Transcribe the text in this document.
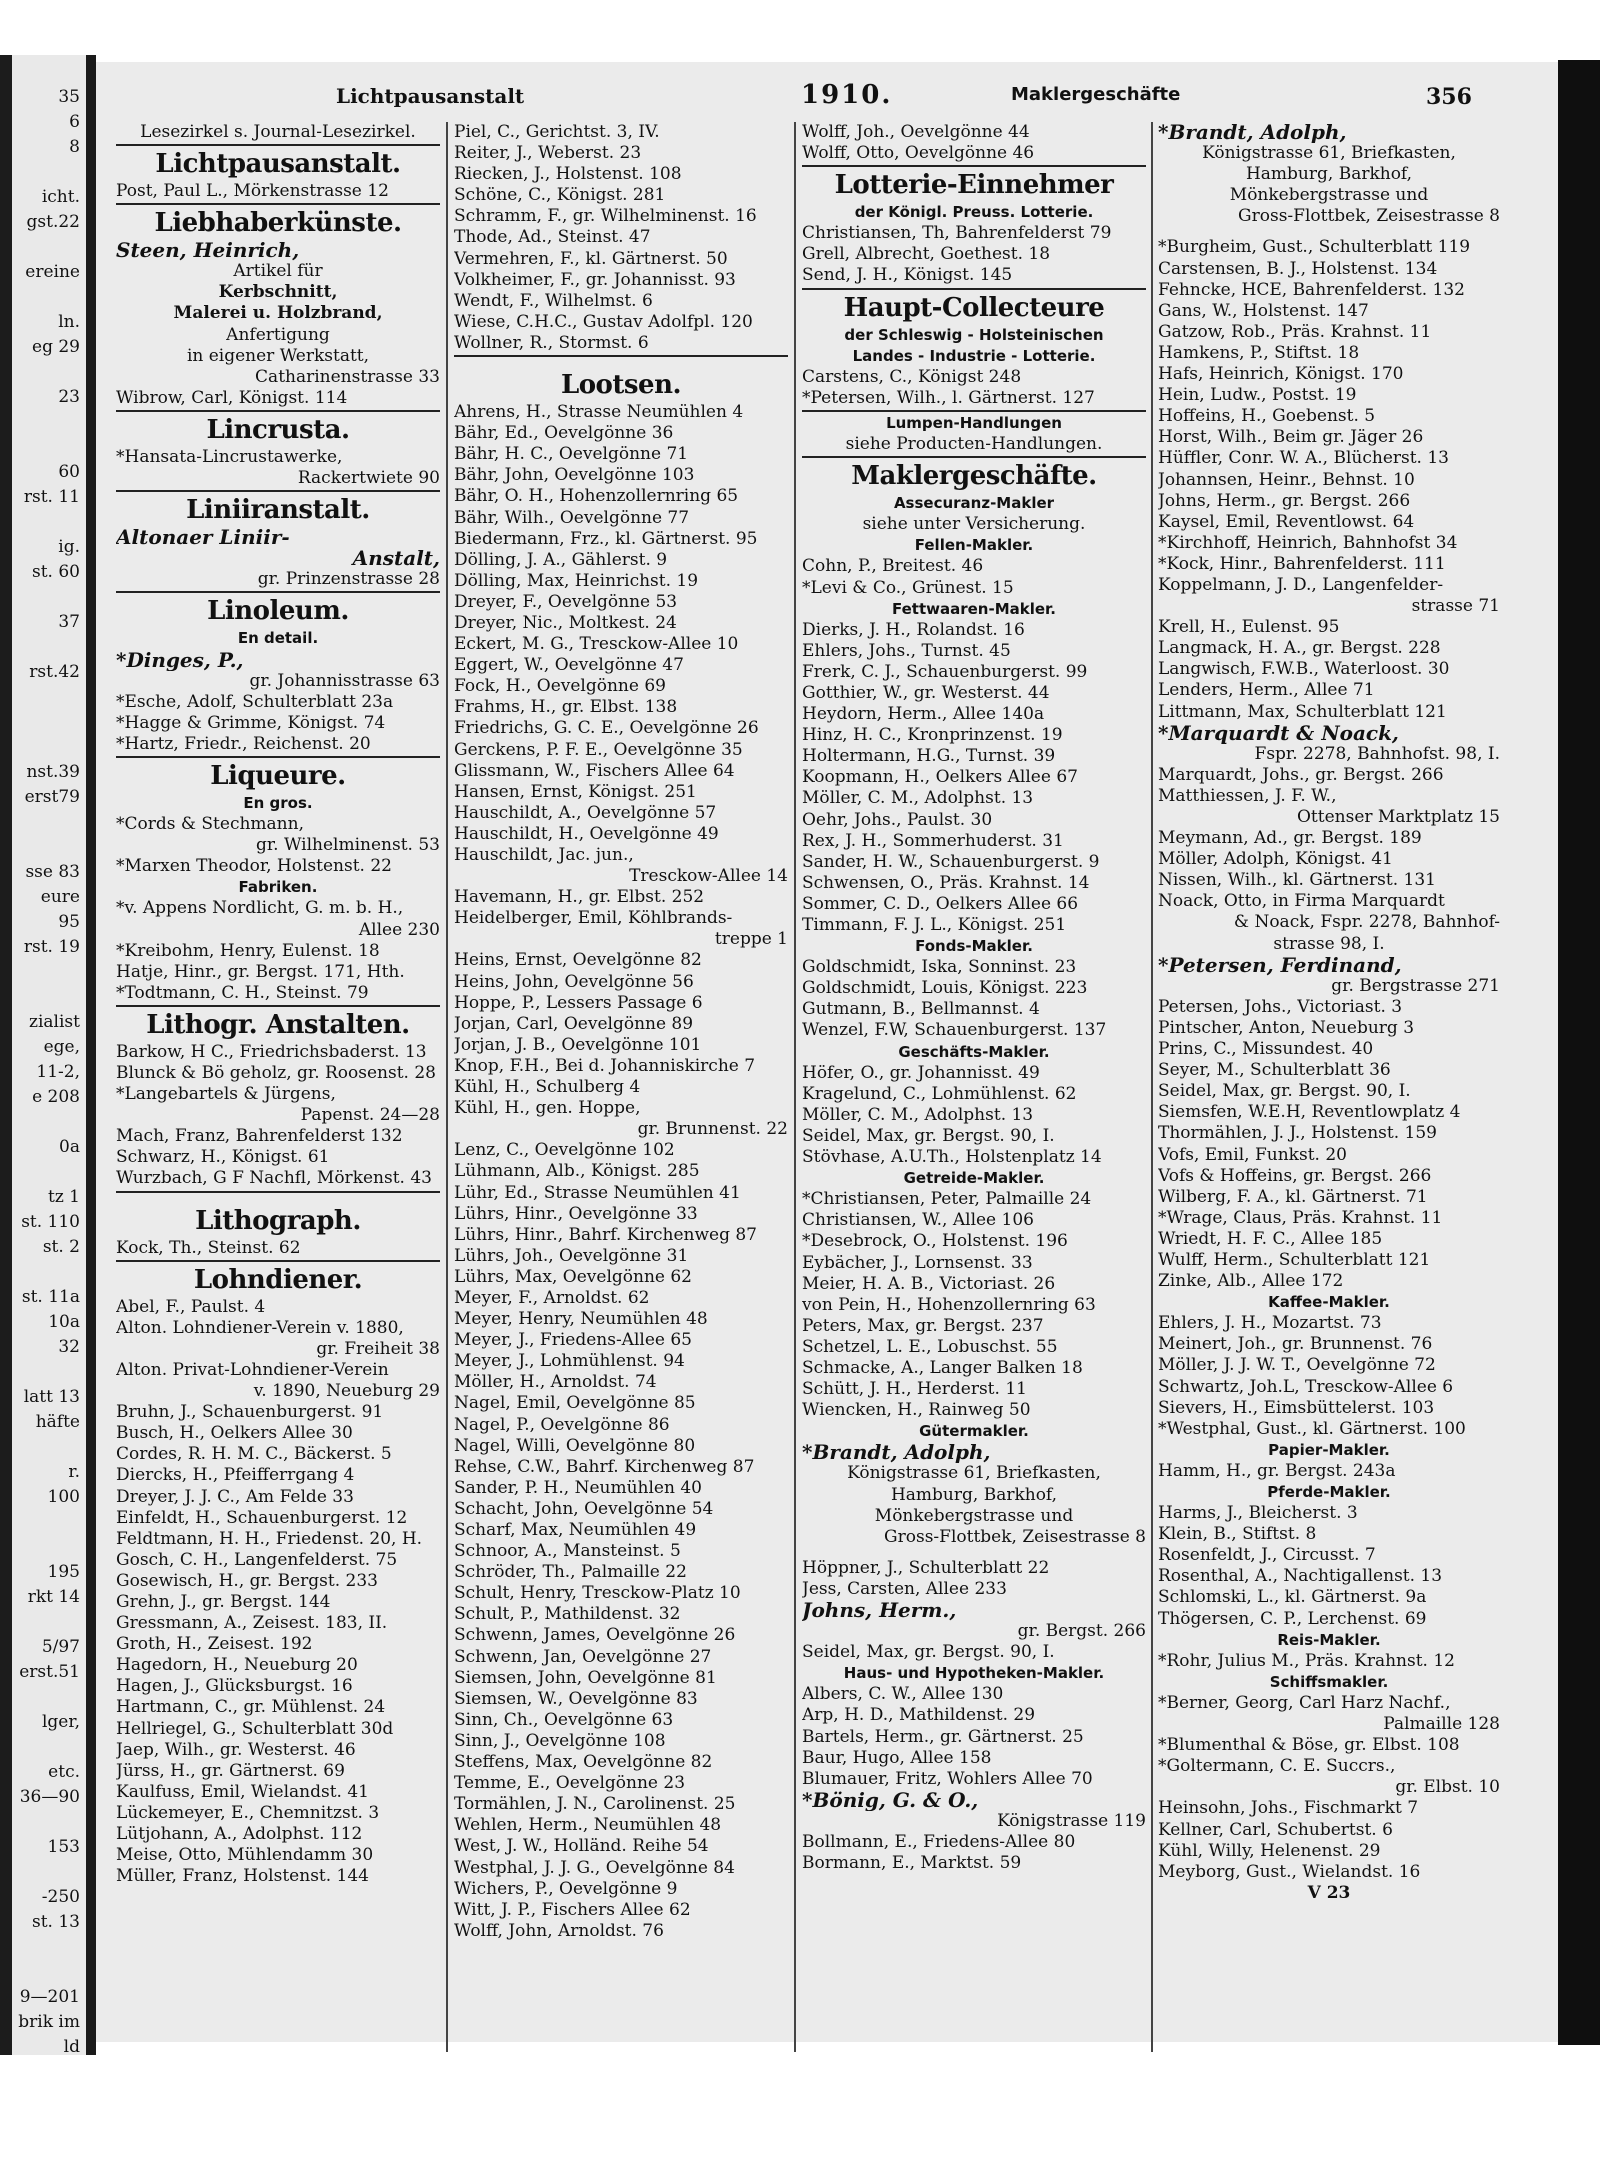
35
6
8
icht.
gst.22
ereine
ln.
eg 29
23
60
rst. 11
ig.
st. 60
37
rst.42
nst.39
erst79
sse 83
eure
95
rst. 19
zialist
ege,
11-2,
e 208
0a
tz 1
st. 110
st. 2
st. 11a
10a
32
latt 13
häfte
r.
100
195
rkt 14
5/97
erst.51
lger,
etc.
36—90
153
-250
st. 13
9—201
brik im
ld
Lichtpausanstalt	1910.	Maklergeschäfte	356
Lesezirkel s. Journal-Lesezirkel.
Lichtpausanstalt.
Post, Paul L., Mörkenstrasse 12
Liebhaberkünste.
Steen, Heinrich,
Artikel für
Kerbschnitt,
Malerei u. Holzbrand,
Anfertigung
in eigener Werkstatt,
Catharinenstrasse 33
Wibrow, Carl, Königst. 114
Lincrusta.
*Hansata-Lincrustawerke,
Rackertwiete 90
Liniiranstalt.
Altonaer Liniir-
Anstalt,
gr. Prinzenstrasse 28
Linoleum.
En detail.
*Dinges, P.,
gr. Johannisstrasse 63
*Esche, Adolf, Schulterblatt 23a
*Hagge & Grimme, Königst. 74
*Hartz, Friedr., Reichenst. 20
Liqueure.
En gros.
*Cords & Stechmann,
gr. Wilhelminenst. 53
*Marxen Theodor, Holstenst. 22
Fabriken.
*v. Appens Nordlicht, G. m. b. H.,
Allee 230
*Kreibohm, Henry, Eulenst. 18
Hatje, Hinr., gr. Bergst. 171, Hth.
*Todtmann, C. H., Steinst. 79
Lithogr. Anstalten.
Barkow, H C., Friedrichsbaderst. 13
Blunck & Bö geholz, gr. Roosenst. 28
*Langebartels & Jürgens,
Papenst. 24—28
Mach, Franz, Bahrenfelderst 132
Schwarz, H., Königst. 61
Wurzbach, G F Nachfl, Mörkenst. 43
Lithograph.
Kock, Th., Steinst. 62
Lohndiener.
Abel, F., Paulst. 4
Alton. Lohndiener-Verein v. 1880,
gr. Freiheit 38
Alton. Privat-Lohndiener-Verein
v. 1890, Neueburg 29
Bruhn, J., Schauenburgerst. 91
Busch, H., Oelkers Allee 30
Cordes, R. H. M. C., Bäckerst. 5
Diercks, H., Pfeifferrgang 4
Dreyer, J. J. C., Am Felde 33
Einfeldt, H., Schauenburgerst. 12
Feldtmann, H. H., Friedenst. 20, H.
Gosch, C. H., Langenfelderst. 75
Gosewisch, H., gr. Bergst. 233
Grehn, J., gr. Bergst. 144
Gressmann, A., Zeisest. 183, II.
Groth, H., Zeisest. 192
Hagedorn, H., Neueburg 20
Hagen, J., Glücksburgst. 16
Hartmann, C., gr. Mühlenst. 24
Hellriegel, G., Schulterblatt 30d
Jaep, Wilh., gr. Westerst. 46
Jürss, H., gr. Gärtnerst. 69
Kaulfuss, Emil, Wielandst. 41
Lückemeyer, E., Chemnitzst. 3
Lütjohann, A., Adolphst. 112
Meise, Otto, Mühlendamm 30
Müller, Franz, Holstenst. 144
Piel, C., Gerichtst. 3, IV.
Reiter, J., Weberst. 23
Riecken, J., Holstenst. 108
Schöne, C., Königst. 281
Schramm, F., gr. Wilhelminenst. 16
Thode, Ad., Steinst. 47
Vermehren, F., kl. Gärtnerst. 50
Volkheimer, F., gr. Johannisst. 93
Wendt, F., Wilhelmst. 6
Wiese, C.H.C., Gustav Adolfpl. 120
Wollner, R., Stormst. 6
Lootsen.
Ahrens, H., Strasse Neumühlen 4
Bähr, Ed., Oevelgönne 36
Bähr, H. C., Oevelgönne 71
Bähr, John, Oevelgönne 103
Bähr, O. H., Hohenzollernring 65
Bähr, Wilh., Oevelgönne 77
Biedermann, Frz., kl. Gärtnerst. 95
Dölling, J. A., Gählerst. 9
Dölling, Max, Heinrichst. 19
Dreyer, F., Oevelgönne 53
Dreyer, Nic., Moltkest. 24
Eckert, M. G., Tresckow-Allee 10
Eggert, W., Oevelgönne 47
Fock, H., Oevelgönne 69
Frahms, H., gr. Elbst. 138
Friedrichs, G. C. E., Oevelgönne 26
Gerckens, P. F. E., Oevelgönne 35
Glissmann, W., Fischers Allee 64
Hansen, Ernst, Königst. 251
Hauschildt, A., Oevelgönne 57
Hauschildt, H., Oevelgönne 49
Hauschildt, Jac. jun.,
Tresckow-Allee 14
Havemann, H., gr. Elbst. 252
Heidelberger, Emil, Köhlbrands-
treppe 1
Heins, Ernst, Oevelgönne 82
Heins, John, Oevelgönne 56
Hoppe, P., Lessers Passage 6
Jorjan, Carl, Oevelgönne 89
Jorjan, J. B., Oevelgönne 101
Knop, F.H., Bei d. Johanniskirche 7
Kühl, H., Schulberg 4
Kühl, H., gen. Hoppe,
gr. Brunnenst. 22
Lenz, C., Oevelgönne 102
Lühmann, Alb., Königst. 285
Lühr, Ed., Strasse Neumühlen 41
Lührs, Hinr., Oevelgönne 33
Lührs, Hinr., Bahrf. Kirchenweg 87
Lührs, Joh., Oevelgönne 31
Lührs, Max, Oevelgönne 62
Meyer, F., Arnoldst. 62
Meyer, Henry, Neumühlen 48
Meyer, J., Friedens-Allee 65
Meyer, J., Lohmühlenst. 94
Möller, H., Arnoldst. 74
Nagel, Emil, Oevelgönne 85
Nagel, P., Oevelgönne 86
Nagel, Willi, Oevelgönne 80
Rehse, C.W., Bahrf. Kirchenweg 87
Sander, P. H., Neumühlen 40
Schacht, John, Oevelgönne 54
Scharf, Max, Neumühlen 49
Schnoor, A., Mansteinst. 5
Schröder, Th., Palmaille 22
Schult, Henry, Tresckow-Platz 10
Schult, P., Mathildenst. 32
Schwenn, James, Oevelgönne 26
Schwenn, Jan, Oevelgönne 27
Siemsen, John, Oevelgönne 81
Siemsen, W., Oevelgönne 83
Sinn, Ch., Oevelgönne 63
Sinn, J., Oevelgönne 108
Steffens, Max, Oevelgönne 82
Temme, E., Oevelgönne 23
Tormählen, J. N., Carolinenst. 25
Wehlen, Herm., Neumühlen 48
West, J. W., Holländ. Reihe 54
Westphal, J. J. G., Oevelgönne 84
Wichers, P., Oevelgönne 9
Witt, J. P., Fischers Allee 62
Wolff, John, Arnoldst. 76
Wolff, Joh., Oevelgönne 44
Wolff, Otto, Oevelgönne 46
Lotterie-Einnehmer
der Königl. Preuss. Lotterie.
Christiansen, Th, Bahrenfelderst 79
Grell, Albrecht, Goethest. 18
Send, J. H., Königst. 145
Haupt-Collecteure
der Schleswig - Holsteinischen
Landes - Industrie - Lotterie.
Carstens, C., Königst 248
*Petersen, Wilh., l. Gärtnerst. 127
Lumpen-Handlungen
siehe Producten-Handlungen.
Maklergeschäfte.
Assecuranz-Makler
siehe unter Versicherung.
Fellen-Makler.
Cohn, P., Breitest. 46
*Levi & Co., Grünest. 15
Fettwaaren-Makler.
Dierks, J. H., Rolandst. 16
Ehlers, Johs., Turnst. 45
Frerk, C. J., Schauenburgerst. 99
Gotthier, W., gr. Westerst. 44
Heydorn, Herm., Allee 140a
Hinz, H. C., Kronprinzenst. 19
Holtermann, H.G., Turnst. 39
Koopmann, H., Oelkers Allee 67
Möller, C. M., Adolphst. 13
Oehr, Johs., Paulst. 30
Rex, J. H., Sommerhuderst. 31
Sander, H. W., Schauenburgerst. 9
Schwensen, O., Präs. Krahnst. 14
Sommer, C. D., Oelkers Allee 66
Timmann, F. J. L., Königst. 251
Fonds-Makler.
Goldschmidt, Iska, Sonninst. 23
Goldschmidt, Louis, Königst. 223
Gutmann, B., Bellmannst. 4
Wenzel, F.W, Schauenburgerst. 137
Geschäfts-Makler.
Höfer, O., gr. Johannisst. 49
Kragelund, C., Lohmühlenst. 62
Möller, C. M., Adolphst. 13
Seidel, Max, gr. Bergst. 90, I.
Stövhase, A.U.Th., Holstenplatz 14
Getreide-Makler.
*Christiansen, Peter, Palmaille 24
Christiansen, W., Allee 106
*Desebrock, O., Holstenst. 196
Eybächer, J., Lornsenst. 33
Meier, H. A. B., Victoriast. 26
von Pein, H., Hohenzollernring 63
Peters, Max, gr. Bergst. 237
Schetzel, L. E., Lobuschst. 55
Schmacke, A., Langer Balken 18
Schütt, J. H., Herderst. 11
Wiencken, H., Rainweg 50
Gütermakler.
*Brandt, Adolph,
Königstrasse 61, Briefkasten,
Hamburg, Barkhof,
Mönkebergstrasse und
Gross-Flottbek, Zeisestrasse 8
Höppner, J., Schulterblatt 22
Jess, Carsten, Allee 233
Johns, Herm.,
gr. Bergst. 266
Seidel, Max, gr. Bergst. 90, I.
Haus- und Hypotheken-Makler.
Albers, C. W., Allee 130
Arp, H. D., Mathildenst. 29
Bartels, Herm., gr. Gärtnerst. 25
Baur, Hugo, Allee 158
Blumauer, Fritz, Wohlers Allee 70
*Bönig, G. & O.,
Königstrasse 119
Bollmann, E., Friedens-Allee 80
Bormann, E., Marktst. 59
*Brandt, Adolph,
Königstrasse 61, Briefkasten,
Hamburg, Barkhof,
Mönkebergstrasse und
Gross-Flottbek, Zeisestrasse 8
*Burgheim, Gust., Schulterblatt 119
Carstensen, B. J., Holstenst. 134
Fehncke, HCE, Bahrenfelderst. 132
Gans, W., Holstenst. 147
Gatzow, Rob., Präs. Krahnst. 11
Hamkens, P., Stiftst. 18
Hafs, Heinrich, Königst. 170
Hein, Ludw., Postst. 19
Hoffeins, H., Goebenst. 5
Horst, Wilh., Beim gr. Jäger 26
Hüffler, Conr. W. A., Blücherst. 13
Johannsen, Heinr., Behnst. 10
Johns, Herm., gr. Bergst. 266
Kaysel, Emil, Reventlowst. 64
*Kirchhoff, Heinrich, Bahnhofst 34
*Kock, Hinr., Bahrenfelderst. 111
Koppelmann, J. D., Langenfelder-
strasse 71
Krell, H., Eulenst. 95
Langmack, H. A., gr. Bergst. 228
Langwisch, F.W.B., Waterloost. 30
Lenders, Herm., Allee 71
Littmann, Max, Schulterblatt 121
*Marquardt & Noack,
Fspr. 2278, Bahnhofst. 98, I.
Marquardt, Johs., gr. Bergst. 266
Matthiessen, J. F. W.,
Ottenser Marktplatz 15
Meymann, Ad., gr. Bergst. 189
Möller, Adolph, Königst. 41
Nissen, Wilh., kl. Gärtnerst. 131
Noack, Otto, in Firma Marquardt
& Noack, Fspr. 2278, Bahnhof-
strasse 98, I.
*Petersen, Ferdinand,
gr. Bergstrasse 271
Petersen, Johs., Victoriast. 3
Pintscher, Anton, Neueburg 3
Prins, C., Missundest. 40
Seyer, M., Schulterblatt 36
Seidel, Max, gr. Bergst. 90, I.
Siemsfen, W.E.H, Reventlowplatz 4
Thormählen, J. J., Holstenst. 159
Vofs, Emil, Funkst. 20
Vofs & Hoffeins, gr. Bergst. 266
Wilberg, F. A., kl. Gärtnerst. 71
*Wrage, Claus, Präs. Krahnst. 11
Wriedt, H. F. C., Allee 185
Wulff, Herm., Schulterblatt 121
Zinke, Alb., Allee 172
Kaffee-Makler.
Ehlers, J. H., Mozartst. 73
Meinert, Joh., gr. Brunnenst. 76
Möller, J. J. W. T., Oevelgönne 72
Schwartz, Joh.L, Tresckow-Allee 6
Sievers, H., Eimsbüttelerst. 103
*Westphal, Gust., kl. Gärtnerst. 100
Papier-Makler.
Hamm, H., gr. Bergst. 243a
Pferde-Makler.
Harms, J., Bleicherst. 3
Klein, B., Stiftst. 8
Rosenfeldt, J., Circusst. 7
Rosenthal, A., Nachtigallenst. 13
Schlomski, L., kl. Gärtnerst. 9a
Thögersen, C. P., Lerchenst. 69
Reis-Makler.
*Rohr, Julius M., Präs. Krahnst. 12
Schiffsmakler.
*Berner, Georg, Carl Harz Nachf.,
Palmaille 128
*Blumenthal & Böse, gr. Elbst. 108
*Goltermann, C. E. Succrs.,
gr. Elbst. 10
Heinsohn, Johs., Fischmarkt 7
Kellner, Carl, Schubertst. 6
Kühl, Willy, Helenenst. 29
Meyborg, Gust., Wielandst. 16
V 23
